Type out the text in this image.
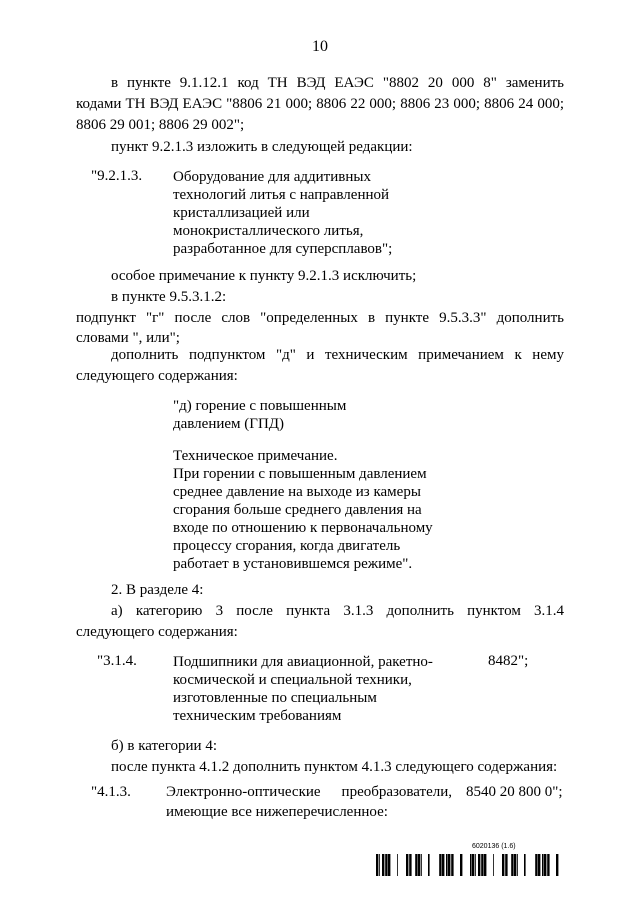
10
в пункте 9.1.12.1 код ТН ВЭД ЕАЭС "8802 20 000 8" заменить
кодами ТН ВЭД ЕАЭС "8806 21 000; 8806 22 000; 8806 23 000; 8806 24 000;
8806 29 001; 8806 29 002";
пункт 9.2.1.3 изложить в следующей редакции:
"9.2.1.3. Оборудование для аддитивных
технологий литья с направленной
кристаллизацией или
монокристаллического литья,
разработанное для суперсплавов";
особое примечание к пункту 9.2.1.3 исключить;
в пункте 9.5.3.1.2:
подпункт "г" после слов "определенных в пункте 9.5.3.3" дополнить
словами ", или";
дополнить подпунктом "д" и техническим примечанием к нему
следующего содержания:
"д) горение с повышенным
давлением (ГПД)
Техническое примечание.
При горении с повышенным давлением
среднее давление на выходе из камеры
сгорания больше среднего давления на
входе по отношению к первоначальному
процессу сгорания, когда двигатель
работает в установившемся режиме".
2. В разделе 4:
а) категорию 3 после пункта 3.1.3 дополнить пунктом 3.1.4
следующего содержания:
"3.1.4. Подшипники для авиационной, ракетно-
космической и специальной техники,
изготовленные по специальным
техническим требованиям
8482";
б) в категории 4:
после пункта 4.1.2 дополнить пунктом 4.1.3 следующего содержания:
"4.1.3. Электронно-оптические преобразователи,
имеющие все нижеперечисленное:
8540 20 800 0";
6020136 (1.6)
